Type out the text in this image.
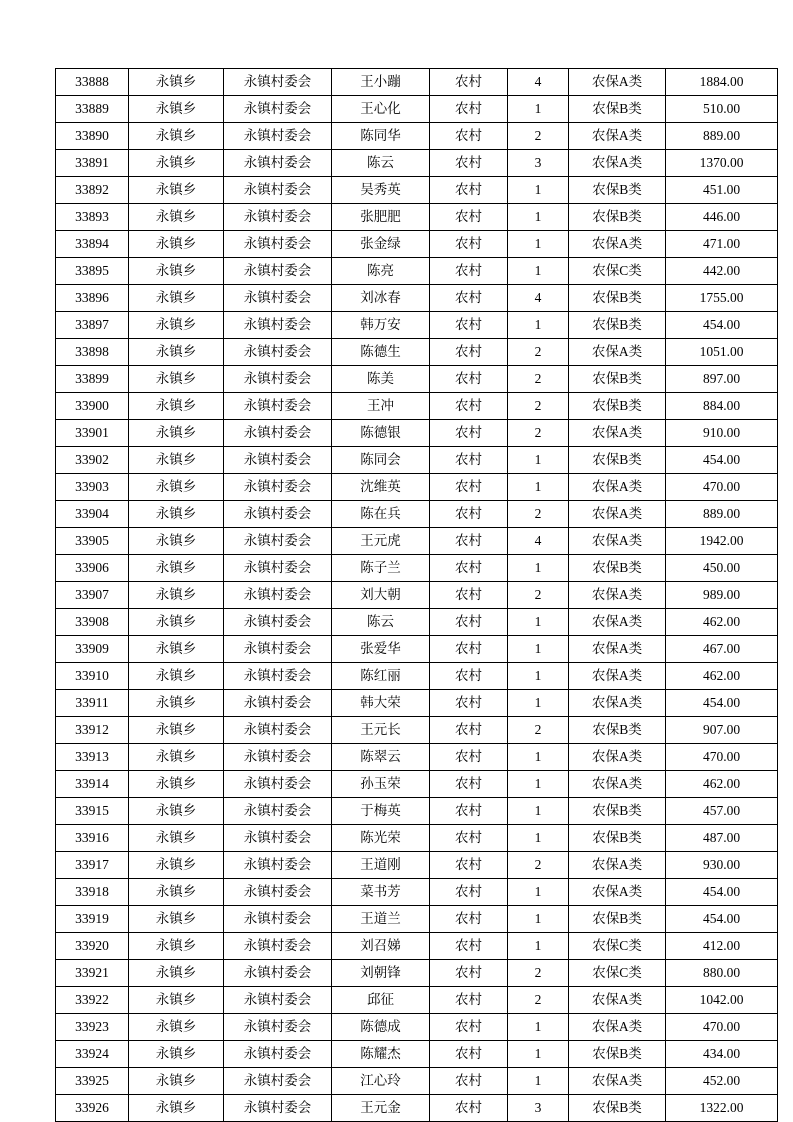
33888	永镇乡	永镇村委会	王小蹦	农村	4	农保A类	1884.00
33889	永镇乡	永镇村委会	王心化	农村	1	农保B类	510.00
33890	永镇乡	永镇村委会	陈同华	农村	2	农保A类	889.00
33891	永镇乡	永镇村委会	陈云	农村	3	农保A类	1370.00
33892	永镇乡	永镇村委会	吴秀英	农村	1	农保B类	451.00
33893	永镇乡	永镇村委会	张肥肥	农村	1	农保B类	446.00
33894	永镇乡	永镇村委会	张金绿	农村	1	农保A类	471.00
33895	永镇乡	永镇村委会	陈亮	农村	1	农保C类	442.00
33896	永镇乡	永镇村委会	刘冰春	农村	4	农保B类	1755.00
33897	永镇乡	永镇村委会	韩万安	农村	1	农保B类	454.00
33898	永镇乡	永镇村委会	陈德生	农村	2	农保A类	1051.00
33899	永镇乡	永镇村委会	陈美	农村	2	农保B类	897.00
33900	永镇乡	永镇村委会	王冲	农村	2	农保B类	884.00
33901	永镇乡	永镇村委会	陈德银	农村	2	农保A类	910.00
33902	永镇乡	永镇村委会	陈同会	农村	1	农保B类	454.00
33903	永镇乡	永镇村委会	沈维英	农村	1	农保A类	470.00
33904	永镇乡	永镇村委会	陈在兵	农村	2	农保A类	889.00
33905	永镇乡	永镇村委会	王元虎	农村	4	农保A类	1942.00
33906	永镇乡	永镇村委会	陈子兰	农村	1	农保B类	450.00
33907	永镇乡	永镇村委会	刘大朝	农村	2	农保A类	989.00
33908	永镇乡	永镇村委会	陈云	农村	1	农保A类	462.00
33909	永镇乡	永镇村委会	张爱华	农村	1	农保A类	467.00
33910	永镇乡	永镇村委会	陈红丽	农村	1	农保A类	462.00
33911	永镇乡	永镇村委会	韩大荣	农村	1	农保A类	454.00
33912	永镇乡	永镇村委会	王元长	农村	2	农保B类	907.00
33913	永镇乡	永镇村委会	陈翠云	农村	1	农保A类	470.00
33914	永镇乡	永镇村委会	孙玉荣	农村	1	农保A类	462.00
33915	永镇乡	永镇村委会	于梅英	农村	1	农保B类	457.00
33916	永镇乡	永镇村委会	陈光荣	农村	1	农保B类	487.00
33917	永镇乡	永镇村委会	王道刚	农村	2	农保A类	930.00
33918	永镇乡	永镇村委会	菜书芳	农村	1	农保A类	454.00
33919	永镇乡	永镇村委会	王道兰	农村	1	农保B类	454.00
33920	永镇乡	永镇村委会	刘召娣	农村	1	农保C类	412.00
33921	永镇乡	永镇村委会	刘朝锋	农村	2	农保C类	880.00
33922	永镇乡	永镇村委会	邱征	农村	2	农保A类	1042.00
33923	永镇乡	永镇村委会	陈德成	农村	1	农保A类	470.00
33924	永镇乡	永镇村委会	陈耀杰	农村	1	农保B类	434.00
33925	永镇乡	永镇村委会	江心玲	农村	1	农保A类	452.00
33926	永镇乡	永镇村委会	王元金	农村	3	农保B类	1322.00
